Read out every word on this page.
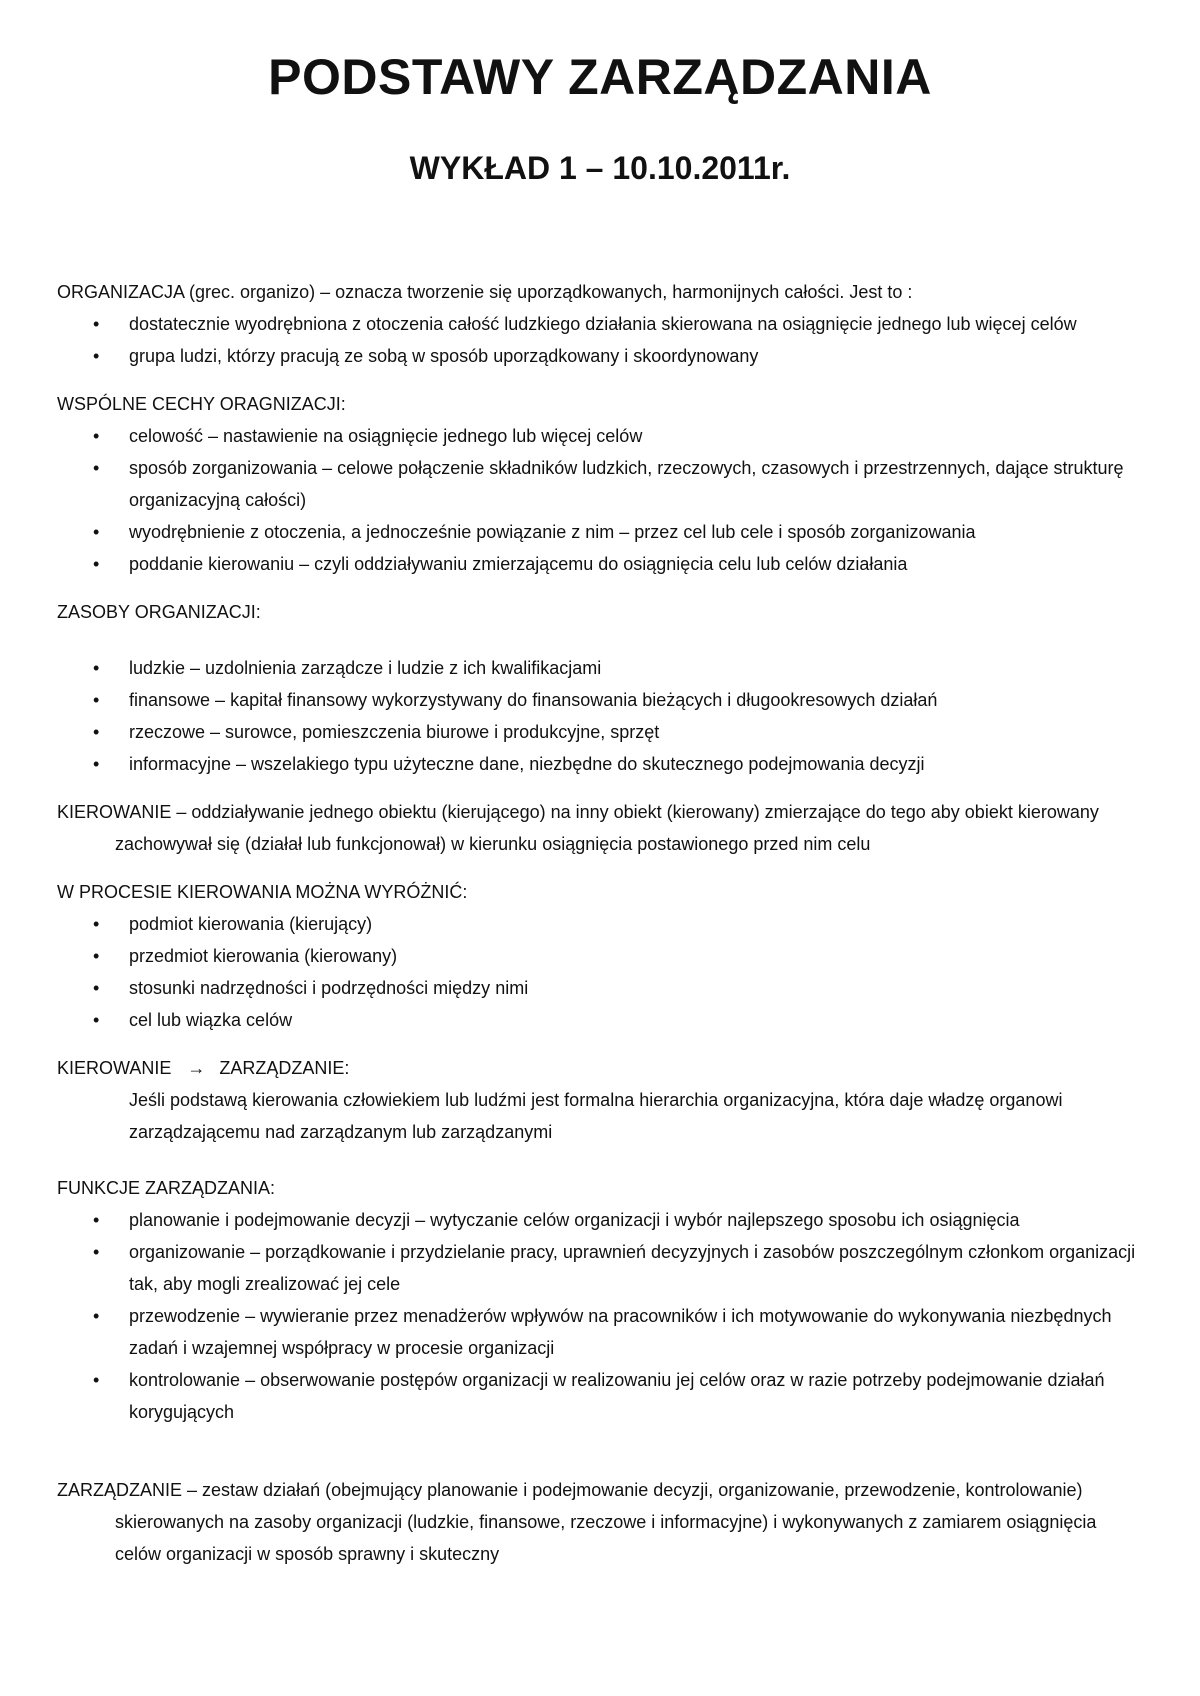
PODSTAWY ZARZĄDZANIA
WYKŁAD 1 – 10.10.2011r.
ORGANIZACJA (grec. organizo) – oznacza tworzenie się uporządkowanych, harmonijnych całości. Jest to :
• dostatecznie wyodrębniona z otoczenia całość ludzkiego działania skierowana na osiągnięcie jednego lub więcej celów
• grupa ludzi, którzy pracują ze sobą w sposób uporządkowany i skoordynowany
WSPÓLNE CECHY ORAGNIZACJI:
• celowość – nastawienie na osiągnięcie jednego lub więcej celów
• sposób zorganizowania – celowe połączenie składników ludzkich, rzeczowych, czasowych i przestrzennych, dające strukturę organizacyjną całości)
• wyodrębnienie z otoczenia, a jednocześnie powiązanie z nim – przez cel lub cele i sposób zorganizowania
• poddanie kierowaniu – czyli oddziaływaniu zmierzającemu do osiągnięcia celu lub celów działania
ZASOBY ORGANIZACJI:
• ludzkie – uzdolnienia zarządcze i ludzie z ich kwalifikacjami
• finansowe – kapitał finansowy wykorzystywany do finansowania bieżących i długookresowych działań
• rzeczowe – surowce, pomieszczenia biurowe i produkcyjne, sprzęt
• informacyjne – wszelakiego typu użyteczne dane, niezbędne do skutecznego podejmowania decyzji
KIEROWANIE – oddziaływanie jednego obiektu (kierującego) na inny obiekt (kierowany) zmierzające do tego aby obiekt kierowany zachowywał się (działał lub funkcjonował) w kierunku osiągnięcia postawionego przed nim celu
W PROCESIE KIEROWANIA MOŻNA WYRÓŻNIĆ:
• podmiot kierowania (kierujący)
• przedmiot kierowania (kierowany)
• stosunki nadrzędności i podrzędności między nimi
• cel lub wiązka celów
KIEROWANIE → ZARZĄDZANIE:
Jeśli podstawą kierowania człowiekiem lub ludźmi jest formalna hierarchia organizacyjna, która daje władzę organowi zarządzającemu nad zarządzanym lub zarządzanymi
FUNKCJE ZARZĄDZANIA:
• planowanie i podejmowanie decyzji – wytyczanie celów organizacji i wybór najlepszego sposobu ich osiągnięcia
• organizowanie – porządkowanie i przydzielanie pracy, uprawnień decyzyjnych i zasobów poszczególnym członkom organizacji tak, aby mogli zrealizować jej cele
• przewodzenie – wywieranie przez menadżerów wpływów na pracowników i ich motywowanie do wykonywania niezbędnych zadań i wzajemnej współpracy w procesie organizacji
• kontrolowanie – obserwowanie postępów organizacji w realizowaniu jej celów oraz w razie potrzeby podejmowanie działań korygujących
ZARZĄDZANIE – zestaw działań (obejmujący planowanie i podejmowanie decyzji, organizowanie, przewodzenie, kontrolowanie) skierowanych na zasoby organizacji (ludzkie, finansowe, rzeczowe i informacyjne) i wykonywanych z zamiarem osiągnięcia celów organizacji w sposób sprawny i skuteczny
